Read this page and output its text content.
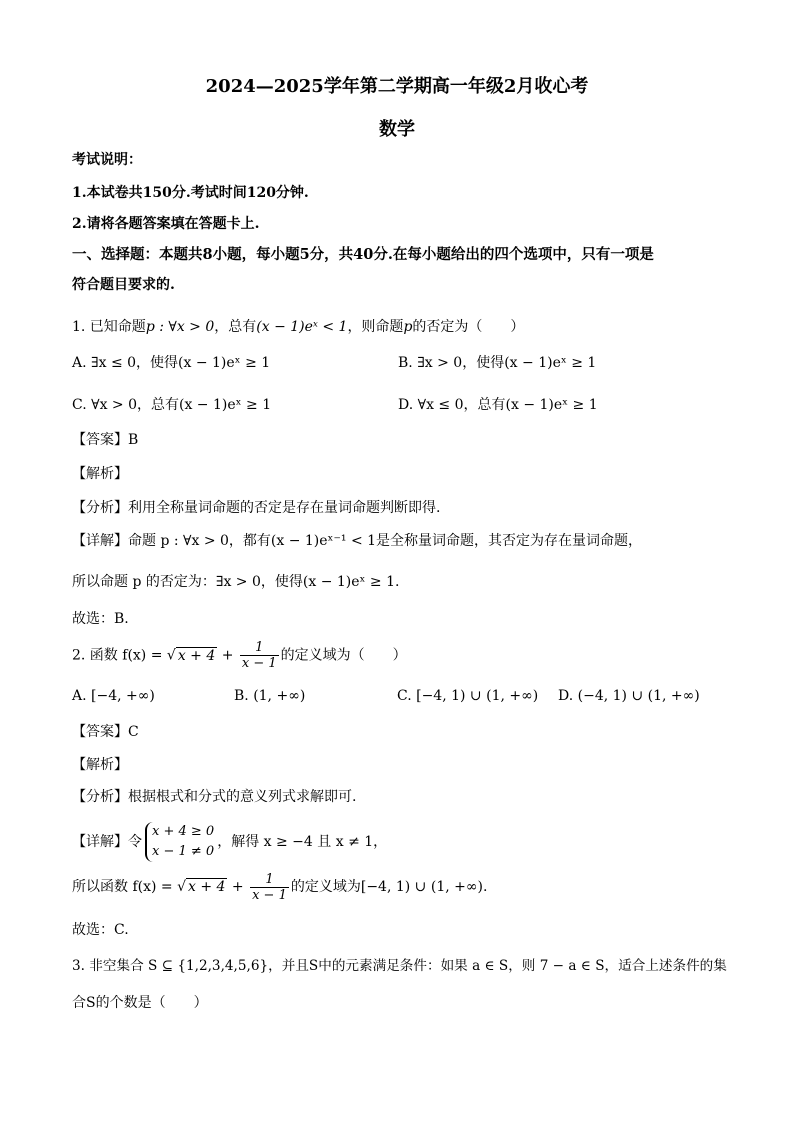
2024—2025学年第二学期高一年级2月收心考
数学
考试说明：
1.本试卷共150分.考试时间120分钟.
2.请将各题答案填在答题卡上.
一、选择题：本题共8小题，每小题5分，共40分.在每小题给出的四个选项中，只有一项是
符合题目要求的.
1. 已知命题p : ∀x > 0，总有(x − 1)eˣ < 1，则命题p的否定为（　　）
A. ∃x ≤ 0，使得(x − 1)eˣ ≥ 1	B. ∃x > 0，使得(x − 1)eˣ ≥ 1
C. ∀x > 0，总有(x − 1)eˣ ≥ 1	D. ∀x ≤ 0，总有(x − 1)eˣ ≥ 1
【答案】B
【解析】
【分析】利用全称量词命题的否定是存在量词命题判断即得.
【详解】命题 p : ∀x > 0，都有(x − 1)eˣ⁻¹ < 1是全称量词命题，其否定为存在量词命题，
所以命题 p 的否定为：∃x > 0，使得(x − 1)eˣ ≥ 1.
故选：B.
2. 函数 f(x) = √ $x + 4 + \frac{1}{x - 1}$ 的定义域为（　　）
A. [−4, +∞)	B. (1, +∞)	C. [−4, 1) ∪ (1, +∞) D. (−4, 1) ∪ (1, +∞)
【答案】C
【解析】
【分析】根据根式和分式的意义列式求解即可.
【详解】令
x + 4 ≥ 0
x − 1 ≠ 0
，解得 x ≥ −4 且 x ≠ 1，
所以函数 f(x) = √ $x + 4 + \frac{1}{x - 1}$ 的定义域为[−4, 1) ∪ (1, +∞).
故选：C.
3. 非空集合 S ⊆ {1,2,3,4,5,6}，并且S中的元素满足条件：如果 a ∈ S，则 7 − a ∈ S，适合上述条件的集
合S的个数是（　　）
